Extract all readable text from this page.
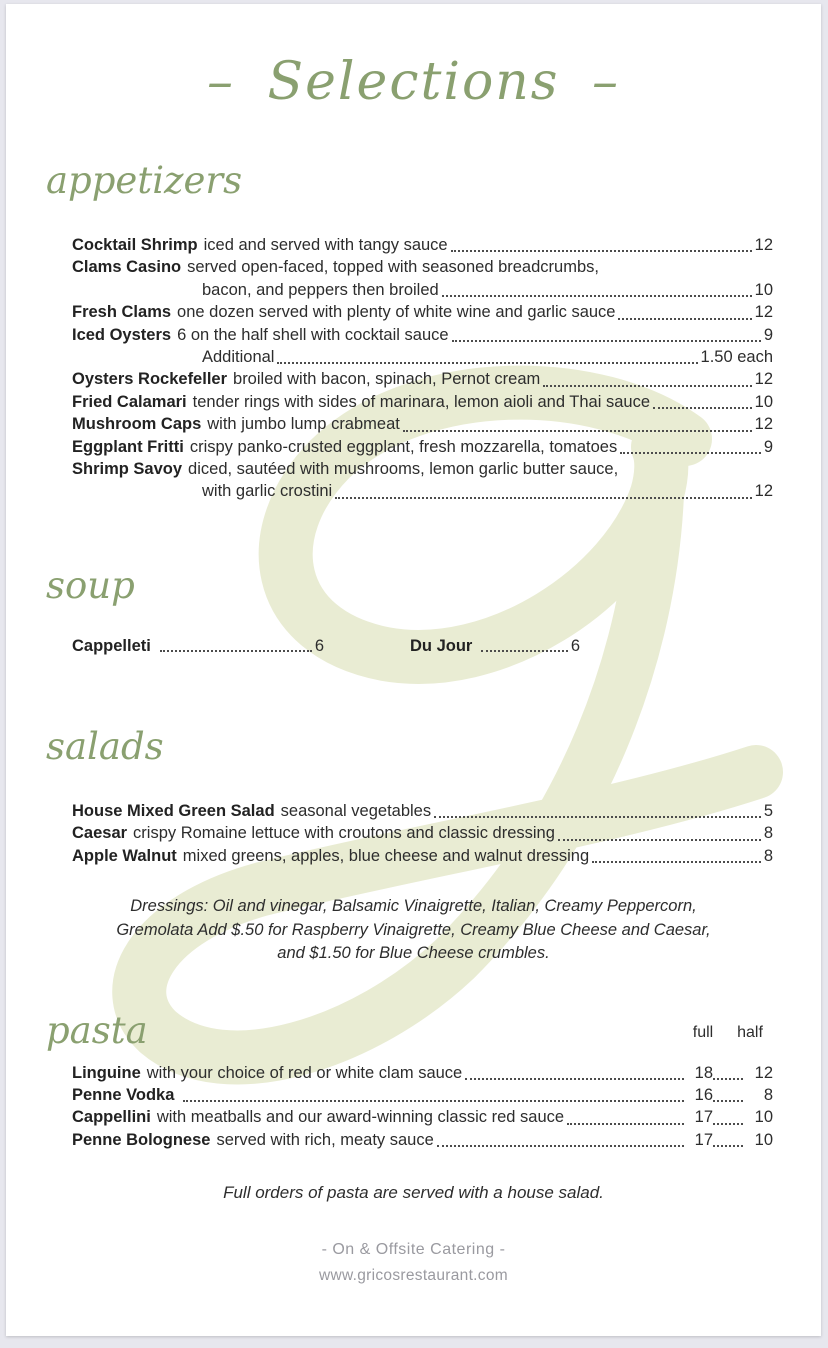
– Selections –
appetizers
Cocktail Shrimp iced and served with tangy sauce	12
Clams Casino served open-faced, topped with seasoned breadcrumbs,
bacon, and peppers then broiled	10
Fresh Clams one dozen served with plenty of white wine and garlic sauce	12
Iced Oysters 6 on the half shell with cocktail sauce	9
Additional	1.50 each
Oysters Rockefeller broiled with bacon, spinach, Pernot cream	12
Fried Calamari tender rings with sides of marinara, lemon aioli and Thai sauce	10
Mushroom Caps with jumbo lump crabmeat	12
Eggplant Fritti crispy panko-crusted eggplant, fresh mozzarella, tomatoes	9
Shrimp Savoy diced, sautéed with mushrooms, lemon garlic butter sauce,
with garlic crostini	12
soup
Cappelleti	6	Du Jour	6
salads
House Mixed Green Salad seasonal vegetables	5
Caesar crispy Romaine lettuce with croutons and classic dressing	8
Apple Walnut mixed greens, apples, blue cheese and walnut dressing	8
Dressings: Oil and vinegar, Balsamic Vinaigrette, Italian, Creamy Peppercorn,
Gremolata Add $.50 for Raspberry Vinaigrette, Creamy Blue Cheese and Caesar,
and $1.50 for Blue Cheese crumbles.
pasta	full	half
Linguine with your choice of red or white clam sauce	18	12
Penne Vodka	16	8
Cappellini with meatballs and our award-winning classic red sauce	17	10
Penne Bolognese served with rich, meaty sauce	17	10
Full orders of pasta are served with a house salad.
- On & Offsite Catering -
www.gricosrestaurant.com
